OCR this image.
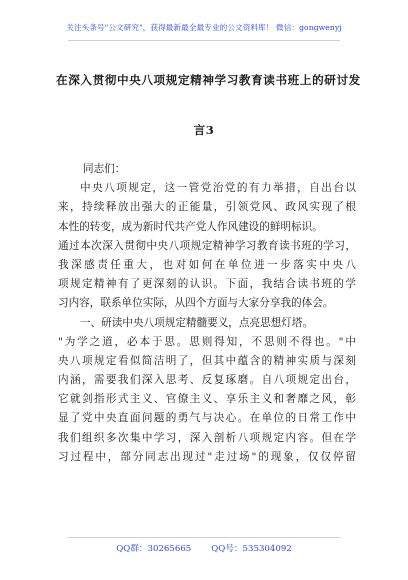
关注头条号"公文研究"，获得最新最全最专业的公文资料库！ 微信：gongwenyj
在深入贯彻中央八项规定精神学习教育读书班上的研讨发
言3
同志们：
中央八项规定，这一管党治党的有力举措，自出台以
来，持续释放出强大的正能量，引领党风、政风实现了根
本性的转变，成为新时代共产党人作风建设的鲜明标识。
通过本次深入贯彻中央八项规定精神学习教育读书班的学习，
我深感责任重大，也对如何在单位进一步落实中央八
项规定精神有了更深刻的认识。下面，我结合读书班的学
习内容，联系单位实际，从四个方面与大家分享我的体会。
一、研读中央八项规定精髓要义，点亮思想灯塔。
"为学之道，必本于思。思则得知，不思则不得也。"中
央八项规定看似简洁明了，但其中蕴含的精神实质与深刻
内涵，需要我们深入思考、反复琢磨。自八项规定出台，
它就剑指形式主义、官僚主义、享乐主义和奢靡之风，彰
显了党中央直面问题的勇气与决心。在单位的日常工作中
我们组织多次集中学习，深入剖析八项规定内容。但在学
习过程中，部分同志出现过"走过场"的现象，仅仅停留
QQ群：30265665 QQ号：535304092
